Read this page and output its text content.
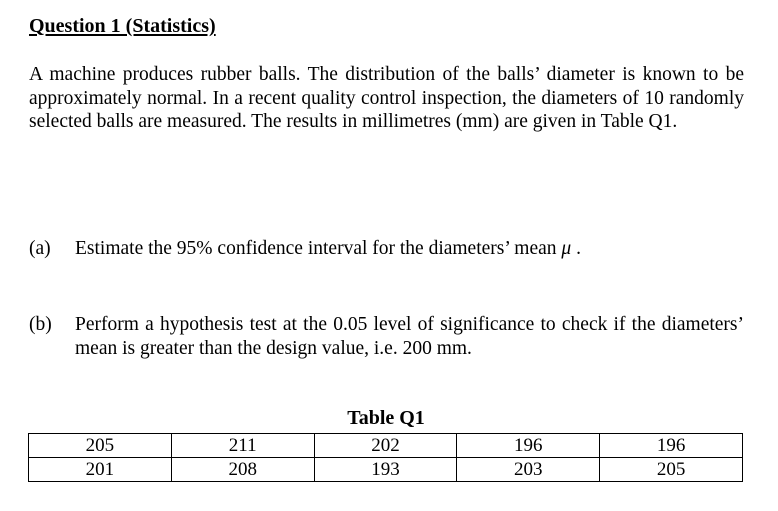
Question 1 (Statistics)

A machine produces rubber balls. The distribution of the balls’ diameter is known to be approximately normal. In a recent quality control inspection, the diameters of 10 randomly selected balls are measured. The results in millimetres (mm) are given in Table Q1.

(a) Estimate the 95% confidence interval for the diameters’ mean μ .
(b) Perform a hypothesis test at the 0.05 level of significance to check if the diameters’ mean is greater than the design value, i.e. 200 mm.
Table Q1
205	211	202	196	196
201	208	193	203	205
